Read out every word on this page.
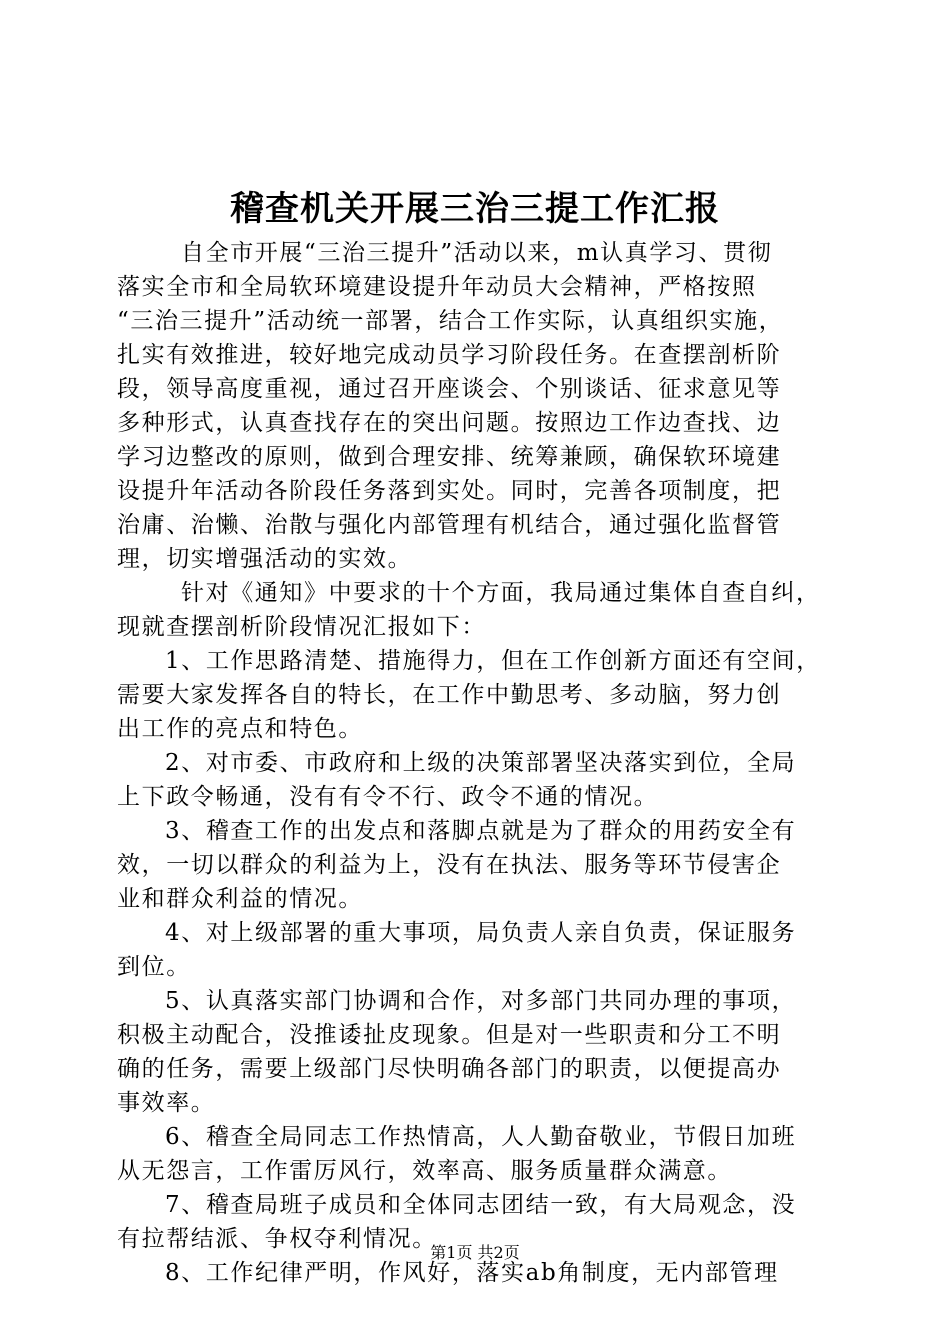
稽查机关开展三治三提工作汇报
自全市开展“三治三提升”活动以来，m认真学习、贯彻
落实全市和全局软环境建设提升年动员大会精神，严格按照
“三治三提升”活动统一部署，结合工作实际，认真组织实施，
扎实有效推进，较好地完成动员学习阶段任务。在查摆剖析阶
段，领导高度重视，通过召开座谈会、个别谈话、征求意见等
多种形式，认真查找存在的突出问题。按照边工作边查找、边
学习边整改的原则，做到合理安排、统筹兼顾，确保软环境建
设提升年活动各阶段任务落到实处。同时，完善各项制度，把
治庸、治懒、治散与强化内部管理有机结合，通过强化监督管
理，切实增强活动的实效。
针对《通知》中要求的十个方面，我局通过集体自查自纠，
现就查摆剖析阶段情况汇报如下：
1、工作思路清楚、措施得力，但在工作创新方面还有空间，
需要大家发挥各自的特长，在工作中勤思考、多动脑，努力创
出工作的亮点和特色。
2、对市委、市政府和上级的决策部署坚决落实到位，全局
上下政令畅通，没有有令不行、政令不通的情况。
3、稽查工作的出发点和落脚点就是为了群众的用药安全有
效，一切以群众的利益为上，没有在执法、服务等环节侵害企
业和群众利益的情况。
4、对上级部署的重大事项，局负责人亲自负责，保证服务
到位。
5、认真落实部门协调和合作，对多部门共同办理的事项，
积极主动配合，没推诿扯皮现象。但是对一些职责和分工不明
确的任务，需要上级部门尽快明确各部门的职责，以便提高办
事效率。
6、稽查全局同志工作热情高，人人勤奋敬业，节假日加班
从无怨言，工作雷厉风行，效率高、服务质量群众满意。
7、稽查局班子成员和全体同志团结一致，有大局观念，没
有拉帮结派、争权夺利情况。
8、工作纪律严明，作风好，落实ab角制度，无内部管理
第1页 共2页
